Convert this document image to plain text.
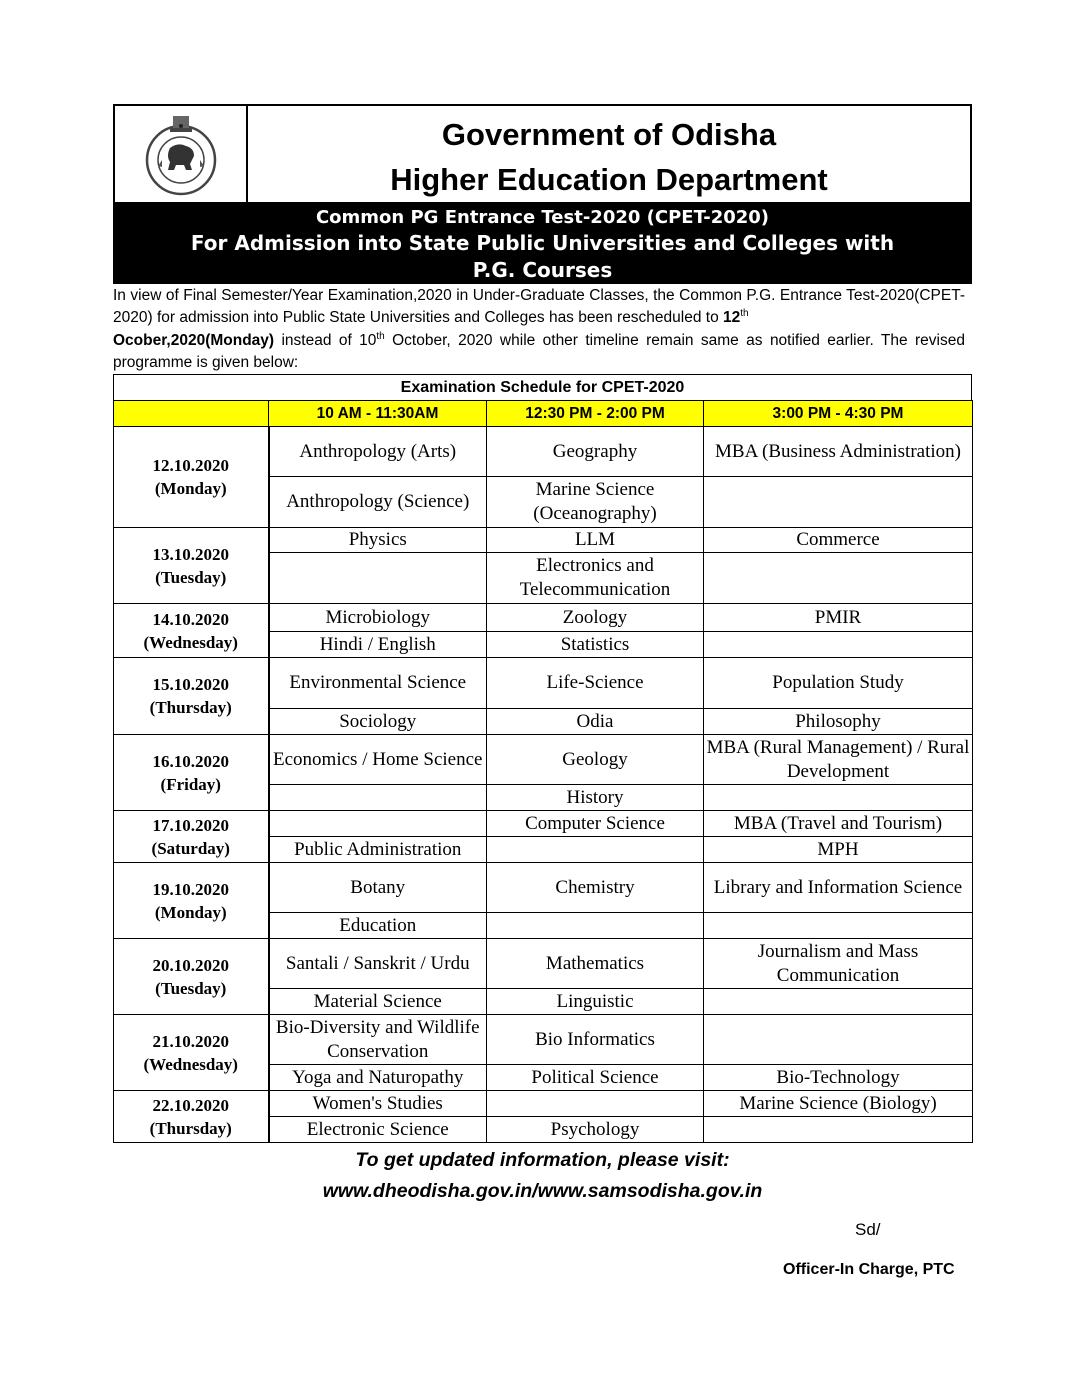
Government of Odisha
Higher Education Department
Common PG Entrance Test-2020 (CPET-2020)
For Admission into State Public Universities and Colleges with
P.G. Courses
In view of Final Semester/Year Examination,2020 in Under-Graduate Classes, the Common P.G. Entrance Test-2020(CPET-2020) for admission into Public State Universities and Colleges has been rescheduled to 12th
Ocober,2020(Monday) instead of 10th October, 2020 while other timeline remain same as notified earlier. The revised programme is given below:
Examination Schedule for CPET-2020
	10 AM - 11:30AM	12:30 PM - 2:00 PM	3:00 PM - 4:30 PM

12.10.2020
(Monday)	Anthropology (Arts)	Geography	MBA (Business Administration)
	Anthropology (Science)	Marine Science (Oceanography)	

13.10.2020
(Tuesday)	Physics	LLM	Commerce
		Electronics and Telecommunication	

14.10.2020
(Wednesday)	Microbiology	Zoology	PMIR
	Hindi / English	Statistics	

15.10.2020
(Thursday)	Environmental Science	Life-Science	Population Study
	Sociology	Odia	Philosophy

16.10.2020
(Friday)	Economics / Home Science	Geology	MBA (Rural Management) / Rural Development
		History	

17.10.2020
(Saturday)		Computer Science	MBA (Travel and Tourism)
	Public Administration		MPH

19.10.2020
(Monday)	Botany	Chemistry	Library and Information Science
	Education		

20.10.2020
(Tuesday)	Santali / Sanskrit / Urdu	Mathematics	Journalism and Mass Communication
	Material Science	Linguistic	

21.10.2020
(Wednesday)	Bio-Diversity and Wildlife Conservation	Bio Informatics	
	Yoga and Naturopathy	Political Science	Bio-Technology

22.10.2020
(Thursday)	Women's Studies		Marine Science (Biology)
	Electronic Science	Psychology	
To get updated information, please visit:
www.dheodisha.gov.in/www.samsodisha.gov.in
Sd/
Officer-In Charge, PTC
